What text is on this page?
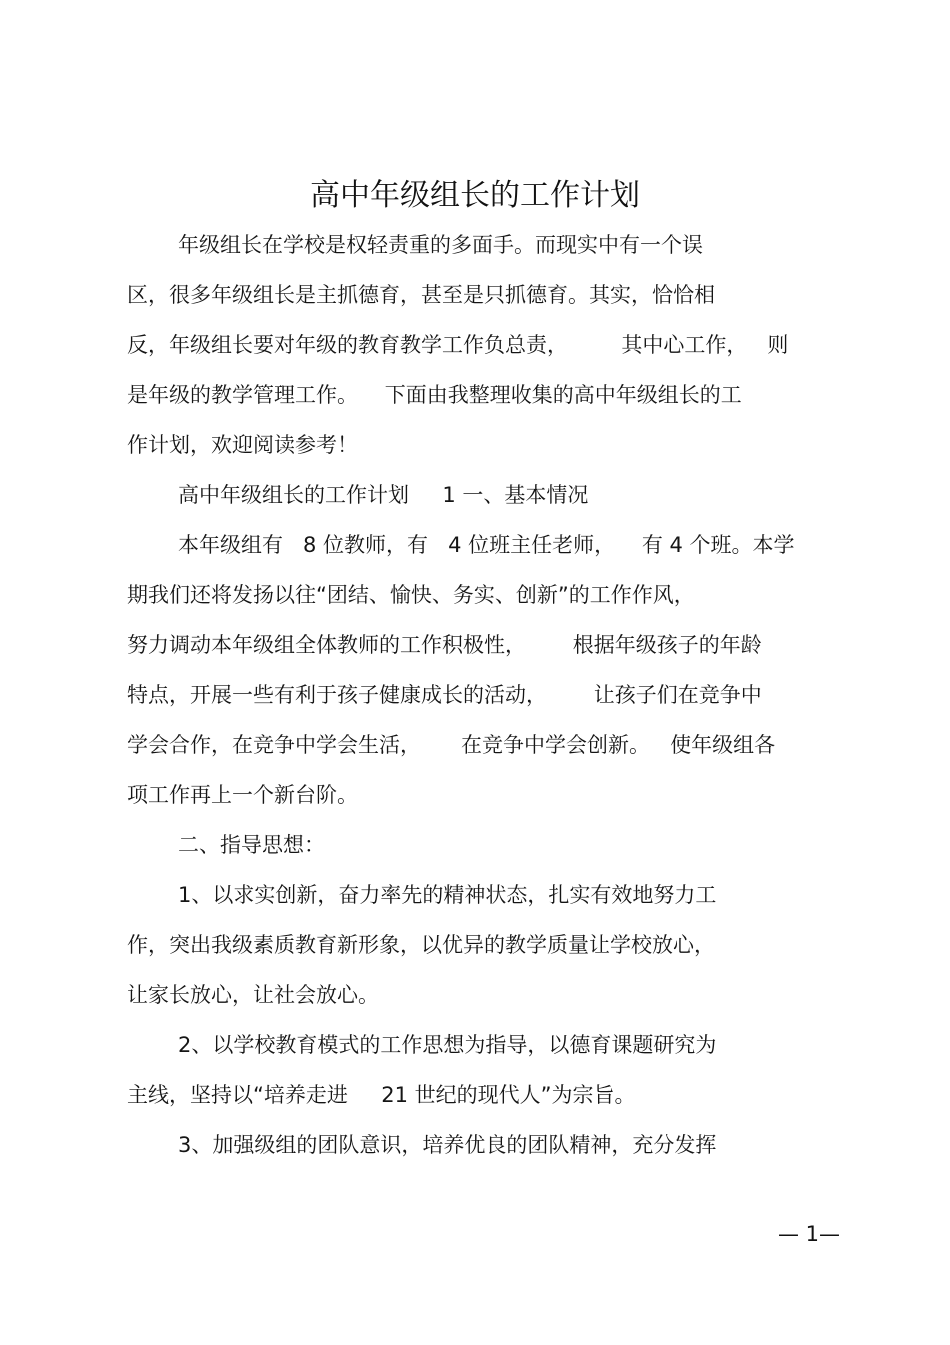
高中年级组长的工作计划
年级组长在学校是权轻责重的多面手。而现实中有一个误
区，很多年级组长是主抓德育，甚至是只抓德育。其实，恰恰相
反，年级组长要对年级的教育教学工作负总责，        其中心工作，   则
是年级的教学管理工作。    下面由我整理收集的高中年级组长的工
作计划，欢迎阅读参考！
高中年级组长的工作计划     1 一、基本情况
本年级组有   8 位教师，有   4 位班主任老师，    有 4 个班。本学
期我们还将发扬以往“团结、愉快、务实、创新”的工作作风，
努力调动本年级组全体教师的工作积极性，       根据年级孩子的年龄
特点，开展一些有利于孩子健康成长的活动，       让孩子们在竞争中
学会合作，在竞争中学会生活，      在竞争中学会创新。   使年级组各
项工作再上一个新台阶。
二、指导思想：
1、以求实创新，奋力率先的精神状态，扎实有效地努力工
作，突出我级素质教育新形象，以优异的教学质量让学校放心，
让家长放心，让社会放心。
2、以学校教育模式的工作思想为指导，以德育课题研究为
主线，坚持以“培养走进     21 世纪的现代人”为宗旨。
3、加强级组的团队意识，培养优良的团队精神，充分发挥
— 1—
